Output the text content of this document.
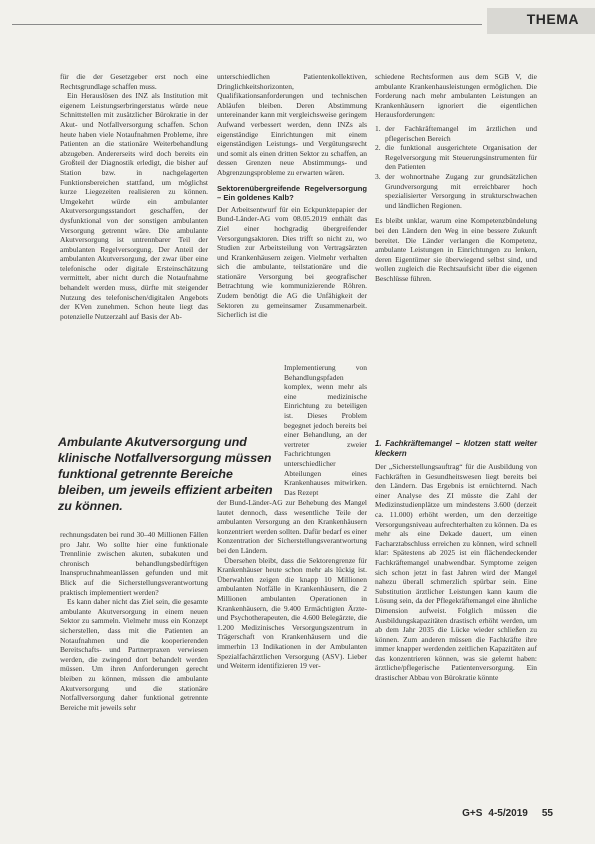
THEMA

für die der Gesetzgeber erst noch eine Rechtsgrundlage schaffen muss.

Ein Herauslösen des INZ als Institution mit eigenem Leistungserbringerstatus würde neue Schnittstellen mit zusätzlicher Bürokratie in der Akut- und Notfallversorgung schaffen. Schon heute haben viele Notaufnahmen Probleme, ihre Patienten an die stationäre Weiterbehandlung abzugeben. Andererseits wird doch bereits ein Großteil der Diagnostik erledigt, die bisher auf Station bzw. in nachgelagerten Funktionsbereichen stattfand, um möglichst kurze Liegezeiten realisieren zu können. Umgekehrt würde ein ambulanter Akutversorgungsstandort geschaffen, der dysfunktional von der sonstigen ambulanten Versorgung getrennt wäre. Die ambulante Akutversorgung ist untrennbarer Teil der ambulanten Regelversorgung. Der Anteil der ambulanten Akutversorgung, der zwar über eine telefonische oder digitale Ersteinschätzung vermittelt, aber nicht durch die Notaufnahme behandelt werden muss, dürfte mit steigender Nutzung des telefonischen/digitalen Angebots der KVen zunehmen. Schon heute liegt das potenzielle Nutzerzahl auf Basis der Ab-

Ambulante Akutversorgung und klinische Notfallversorgung müssen funktional getrennte Bereiche bleiben, um jeweils effizient arbeiten zu können.

rechnungsdaten bei rund 30–40 Millionen Fällen pro Jahr. Wo sollte hier eine funktionale Trennlinie zwischen akuten, subakuten und chronisch behandlungsbedürftigen Inanspruchnahmeanlässen gefunden und mit Blick auf die Sicherstellungsverantwortung praktisch implementiert werden?

Es kann daher nicht das Ziel sein, die gesamte ambulante Akutversorgung in einem neuen Sektor zu sammeln. Vielmehr muss ein Konzept sicherstellen, dass mit die Patienten an Notaufnahmen und die kooperierenden Bereitschafts- und Partnerpraxen verwiesen werden, die zwingend dort behandelt werden müssen. Um ihren Anforderungen gerecht bleiben zu können, müssen die ambulante Akutversorgung und die stationäre Notfallversorgung daher funktional getrennte Bereiche mit jeweils sehr

unterschiedlichen Patientenkollektiven, Dringlichkeitshorizonten, Qualifikationsanforderungen und technischen Abläufen bleiben. Deren Abstimmung untereinander kann mit vergleichsweise geringem Aufwand verbessert werden, denn INZs als eigenständige Einrichtungen mit einem eigenständigen Leistungs- und Vergütungsrecht und somit als einen dritten Sektor zu schaffen, an dessen Grenzen neue Abstimmungs- und Abgrenzungsprobleme zu erwarten wären.

Sektorenübergreifende Regelversorgung – Ein goldenes Kalb?

Der Arbeitsentwurf für ein Eckpunktepapier der Bund-Länder-AG vom 08.05.2019 enthält das Ziel einer hochgradig übergreifender Versorgungsaktoren. Dies trifft so nicht zu, wo Studien zur Arbeitsteilung von Vertragsärzten und Krankenhäusern zeigen. Vielmehr verhalten sich die ambulante, teilstationäre und die stationäre Versorgung bei geografischer Betrachtung wie kommunizierende Röhren. Zudem benötigt die AG die Unfähigkeit der Sektoren zu gemeinsamer Zusammenarbeit. Sicherlich ist die

Implementierung von Behandlungspfaden komplex, wenn mehr als eine medizinische Einrichtung zu beteiligen ist. Dieses Problem begegnet jedoch bereits bei einer Behandlung, an der vertreter zweier Fachrichtungen unterschiedlicher Abteilungen eines Krankenhauses mitwirken. Das Rezept

der Bund-Länder-AG zur Behebung des Mangel lautet dennoch, dass wesentliche Teile der ambulanten Versorgung an den Krankenhäusern konzentriert werden sollten. Dafür bedarf es einer Konzentration der Sicherstellungsverantwortung bei den Ländern.

Übersehen bleibt, dass die Sektorengrenze für Krankenhäuser heute schon mehr als lückig ist. Überwahlen zeigen die knapp 10 Millionen ambulanten Notfälle in Krankenhäusern, die 2 Millionen ambulanten Operationen in Krankenhäusern, die 9.400 Ermächtigten Ärzte- und Psychotherapeuten, die 4.600 Belegärzte, die 1.200 Medizinisches Versorgungszentrum in Trägerschaft von Krankenhäusern und die immerhin 13 Indikationen in der Ambulanten Spezialfachärztlichen Versorgung (ASV). Lieber und Weiterm identifizieren 19 ver-

schiedene Rechtsformen aus dem SGB V, die ambulante Krankenhausleistungen ermöglichen. Die Forderung nach mehr ambulanten Leistungen an Krankenhäusern ignoriert die eigentlichen Herausforderungen:

1. der Fachkräftemangel im ärztlichen und pflegerischen Bereich
2. die funktional ausgerichtete Organisation der Regelversorgung mit Steuerungsinstrumenten für den Patienten
3. der wohnortnahe Zugang zur grundsätzlichen Grundversorgung mit erreichbarer hoch spezialisierter Versorgung in strukturschwachen und ländlichen Regionen.

Es bleibt unklar, warum eine Kompetenzbündelung bei den Ländern den Weg in eine bessere Zukunft bereitet. Die Länder verlangen die Kompetenz, ambulante Leistungen in Einrichtungen zu lenken, deren Eigentümer sie überwiegend selbst sind, und wollen zugleich die Rechtsaufsicht über die eigenen Beschlüsse führen.

1. Fachkräftemangel – klotzen statt weiter kleckern

Der „Sicherstellungsauftrag“ für die Ausbildung von Fachkräften in Gesundheitswesen liegt bereits bei den Ländern. Das Ergebnis ist ernüchternd. Nach einer Analyse des ZI müsste die Zahl der Medizinstudienplätze um mindestens 3.600 (derzeit ca. 11.000) erhöht werden, um den derzeitige Versorgungsniveau aufrechterhalten zu können. Da es mehr als eine Dekade dauert, um einen Facharztabschluss erreichen zu können, wird schnell klar: Spätestens ab 2025 ist ein flächendeckender Fachkräftemangel unabwendbar. Symptome zeigen sich schon jetzt in fast Jahren wird der Mangel nahezu überall schmerzlich spürbar sein. Eine Substitution ärztlicher Leistungen kann kaum die Lösung sein, da der Pflegekräftemangel eine ähnliche Dimension aufweist. Folglich müssen die Ausbildungskapazitäten drastisch erhöht werden, um ab dem Jahr 2035 die Lücke wieder schließen zu können. Zum anderen müssen die Fachkräfte ihre immer knapper werdenden zeitlichen Kapazitäten auf das konzentrieren können, was sie gelernt haben: ärztliche/pflegerische Patientenversorgung. Ein drastischer Abbau von Bürokratie könnte

G+S 4-5/2019 55
